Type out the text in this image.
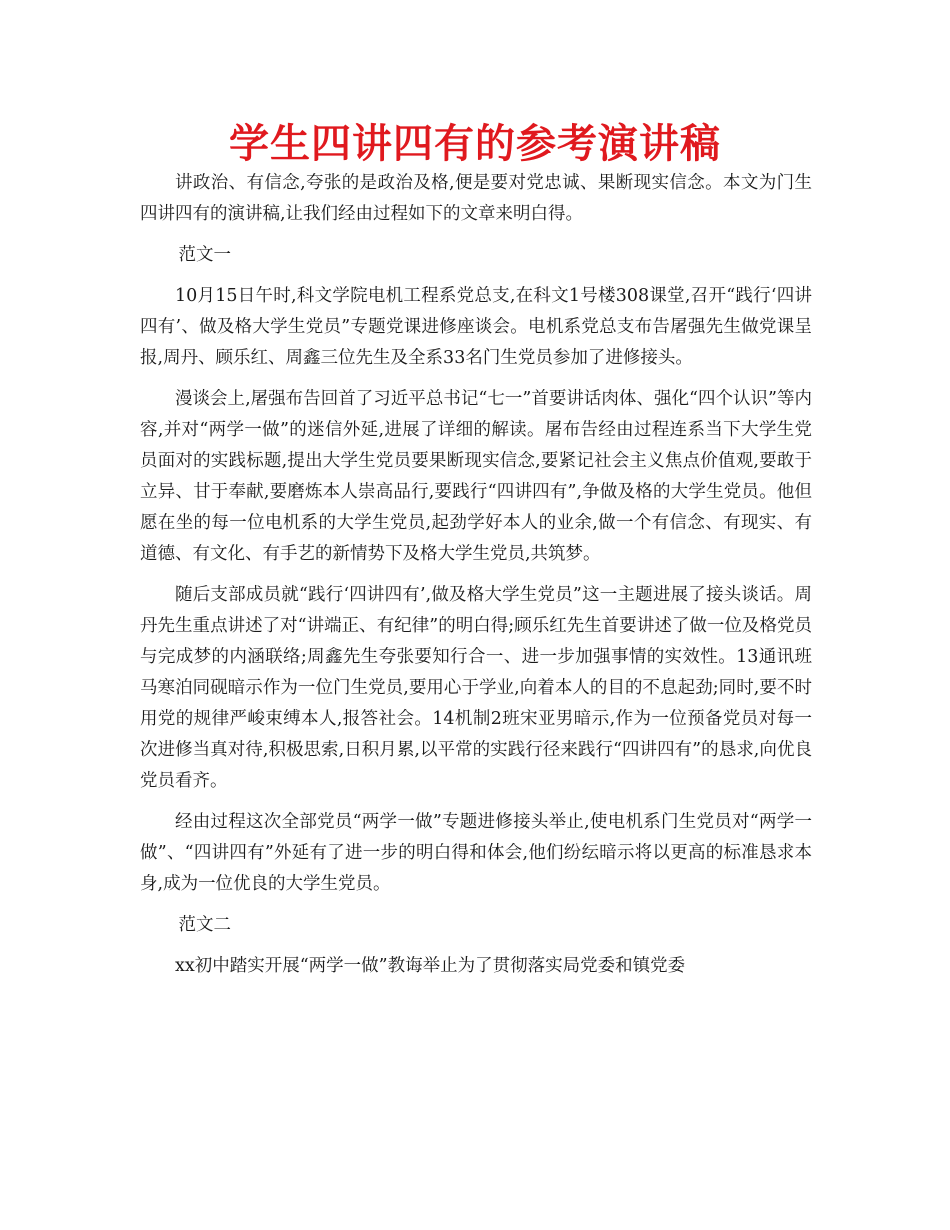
学生四讲四有的参考演讲稿

讲政治、有信念,夸张的是政治及格,便是要对党忠诚、果断现实信念。本文为门生四讲四有的演讲稿,让我们经由过程如下的文章来明白得。

范文一

10月15日午时,科文学院电机工程系党总支,在科文1号楼308课堂,召开“践行‘四讲四有’、做及格大学生党员”专题党课进修座谈会。电机系党总支布告屠强先生做党课呈报,周丹、顾乐红、周鑫三位先生及全系33名门生党员参加了进修接头。

漫谈会上,屠强布告回首了习近平总书记“七一”首要讲话肉体、强化“四个认识”等内容,并对“两学一做”的迷信外延,进展了详细的解读。屠布告经由过程连系当下大学生党员面对的实践标题,提出大学生党员要果断现实信念,要紧记社会主义焦点价值观,要敢于立异、甘于奉献,要磨炼本人崇高品行,要践行“四讲四有”,争做及格的大学生党员。他但愿在坐的每一位电机系的大学生党员,起劲学好本人的业余,做一个有信念、有现实、有道德、有文化、有手艺的新情势下及格大学生党员,共筑梦。

随后支部成员就“践行‘四讲四有’,做及格大学生党员”这一主题进展了接头谈话。周丹先生重点讲述了对“讲端正、有纪律”的明白得;顾乐红先生首要讲述了做一位及格党员与完成梦的内涵联络;周鑫先生夸张要知行合一、进一步加强事情的实效性。13通讯班马寒泊同砚暗示作为一位门生党员,要用心于学业,向着本人的目的不息起劲;同时,要不时用党的规律严峻束缚本人,报答社会。14机制2班宋亚男暗示,作为一位预备党员对每一次进修当真对待,积极思索,日积月累,以平常的实践行径来践行“四讲四有”的恳求,向优良党员看齐。

经由过程这次全部党员“两学一做”专题进修接头举止,使电机系门生党员对“两学一做”、“四讲四有”外延有了进一步的明白得和体会,他们纷纭暗示将以更高的标准恳求本身,成为一位优良的大学生党员。

范文二

xx初中踏实开展“两学一做”教诲举止为了贯彻落实局党委和镇党委
